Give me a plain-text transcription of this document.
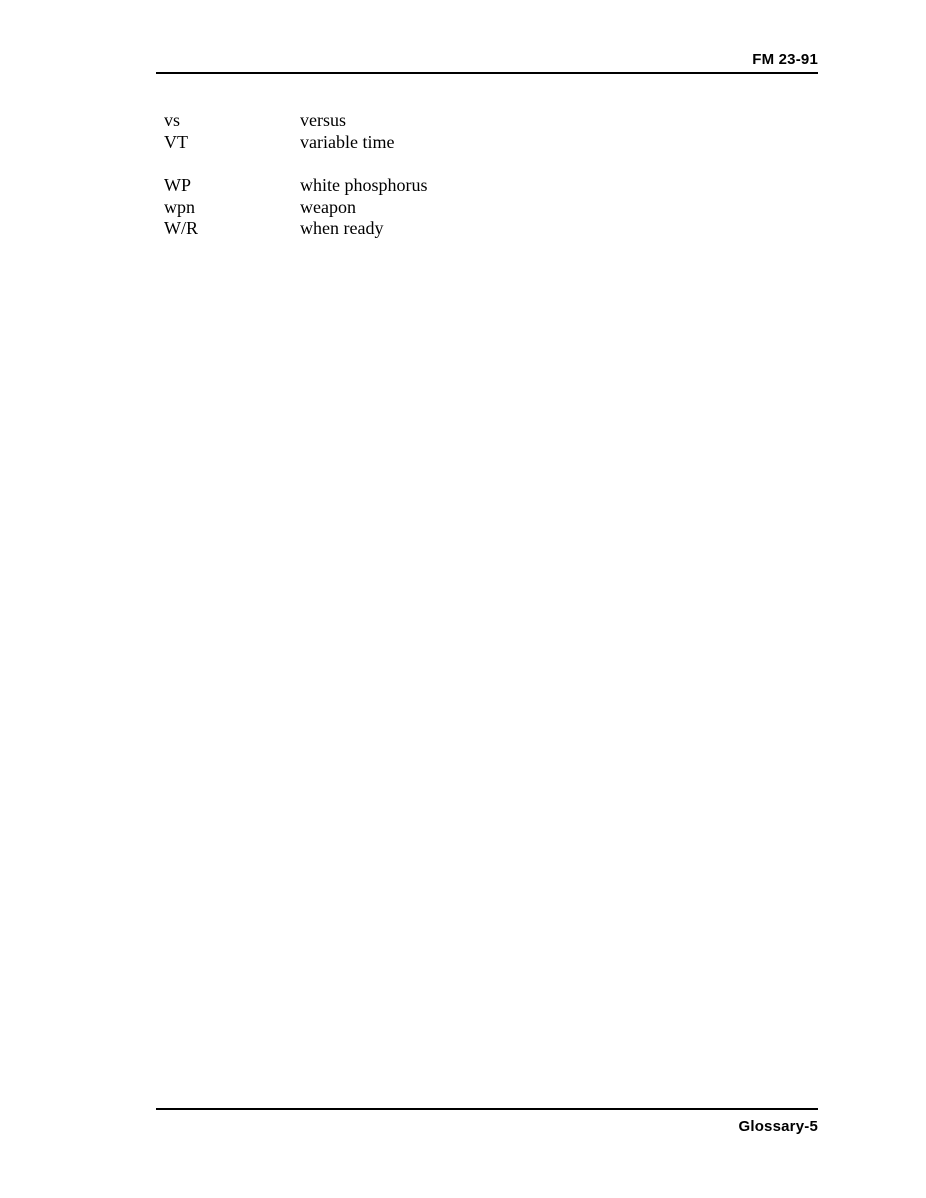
FM 23-91
vs	versus
VT	variable time
WP	white phosphorus
wpn	weapon
W/R	when ready
Glossary-5
